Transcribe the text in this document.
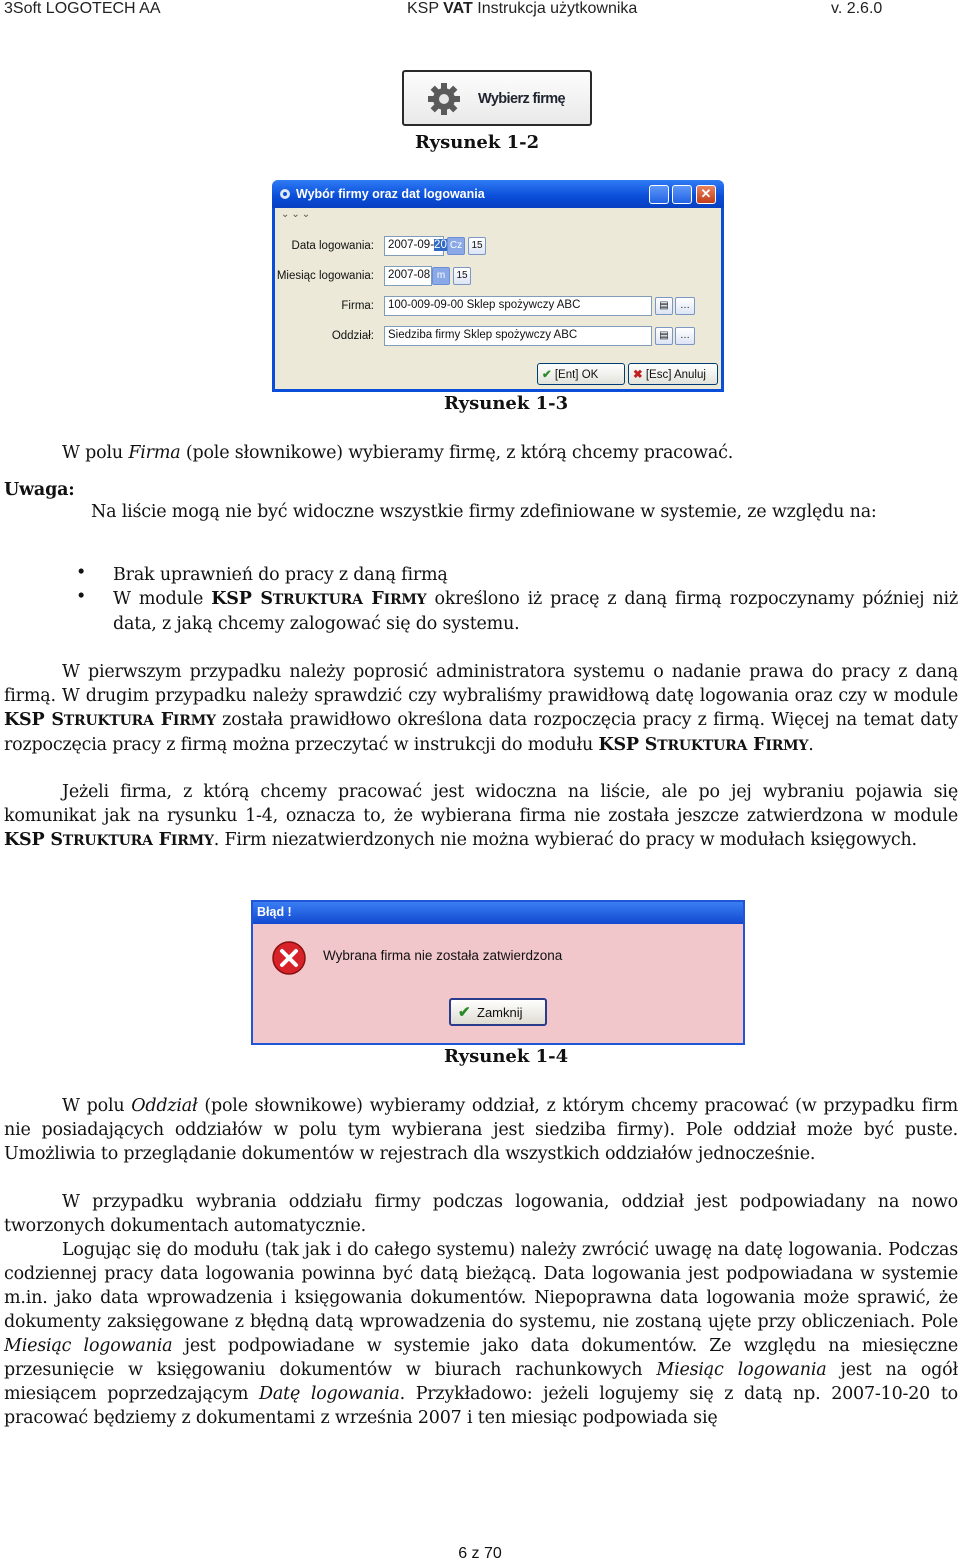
3Soft LOGOTECH AA	KSP VAT Instrukcja użytkownika	v. 2.6.0
Wybierz firmę
Rysunek 1-2
Wybór firmy oraz dat logowania	✕
⌄⌄⌄
Data logowania:	2007-09-20 Cz 15
Miesiąc logowania:	2007-08 m	15
Firma:	100-009-09-00 Sklep spożywczy ABC	▤	…
Oddział:	Siedziba firmy Sklep spożywczy ABC	▤	…
✔ [Ent] OK	✖ [Esc] Anuluj
Rysunek 1-3
W polu Firma (pole słownikowe) wybieramy firmę, z którą chcemy pracować.
Uwaga:
Na liście mogą nie być widoczne wszystkie firmy zdefiniowane w systemie, ze względu na:
• Brak uprawnień do pracy z daną firmą
• W module KSP STRUKTURA FIRMY określono iż pracę z daną firmą rozpoczynamy później niż data, z jaką chcemy zalogować się do systemu.
W pierwszym przypadku należy poprosić administratora systemu o nadanie prawa do pracy z daną firmą. W drugim przypadku należy sprawdzić czy wybraliśmy prawidłową datę logowania oraz czy w module KSP STRUKTURA FIRMY została prawidłowo określona data rozpoczęcia pracy z firmą. Więcej na temat daty rozpoczęcia pracy z firmą można przeczytać w instrukcji do modułu KSP STRUKTURA FIRMY.
Jeżeli firma, z którą chcemy pracować jest widoczna na liście, ale po jej wybraniu pojawia się komunikat jak na rysunku 1-4, oznacza to, że wybierana firma nie została jeszcze zatwierdzona w module KSP STRUKTURA FIRMY. Firm niezatwierdzonych nie można wybierać do pracy w modułach księgowych.
Błąd !
Wybrana firma nie została zatwierdzona
✔ Zamknij
Rysunek 1-4
W polu Oddział (pole słownikowe) wybieramy oddział, z którym chcemy pracować (w przypadku firm nie posiadających oddziałów w polu tym wybierana jest siedziba firmy). Pole oddział może być puste. Umożliwia to przeglądanie dokumentów w rejestrach dla wszystkich oddziałów jednocześnie.
W przypadku wybrania oddziału firmy podczas logowania, oddział jest podpowiadany na nowo tworzonych dokumentach automatycznie.
Logując się do modułu (tak jak i do całego systemu) należy zwrócić uwagę na datę logowania. Podczas codziennej pracy data logowania powinna być datą bieżącą. Data logowania jest podpowiadana w systemie m.in. jako data wprowadzenia i księgowania dokumentów. Niepoprawna data logowania może sprawić, że dokumenty zaksięgowane z błędną datą wprowadzenia do systemu, nie zostaną ujęte przy obliczeniach. Pole Miesiąc logowania jest podpowiadane w systemie jako data dokumentów. Ze względu na miesięczne przesunięcie w księgowaniu dokumentów w biurach rachunkowych Miesiąc logowania jest na ogół miesiącem poprzedzającym Datę logowania. Przykładowo: jeżeli logujemy się z datą np. 2007-10-20 to pracować będziemy z dokumentami z września 2007 i ten miesiąc podpowiada się
6 z 70
